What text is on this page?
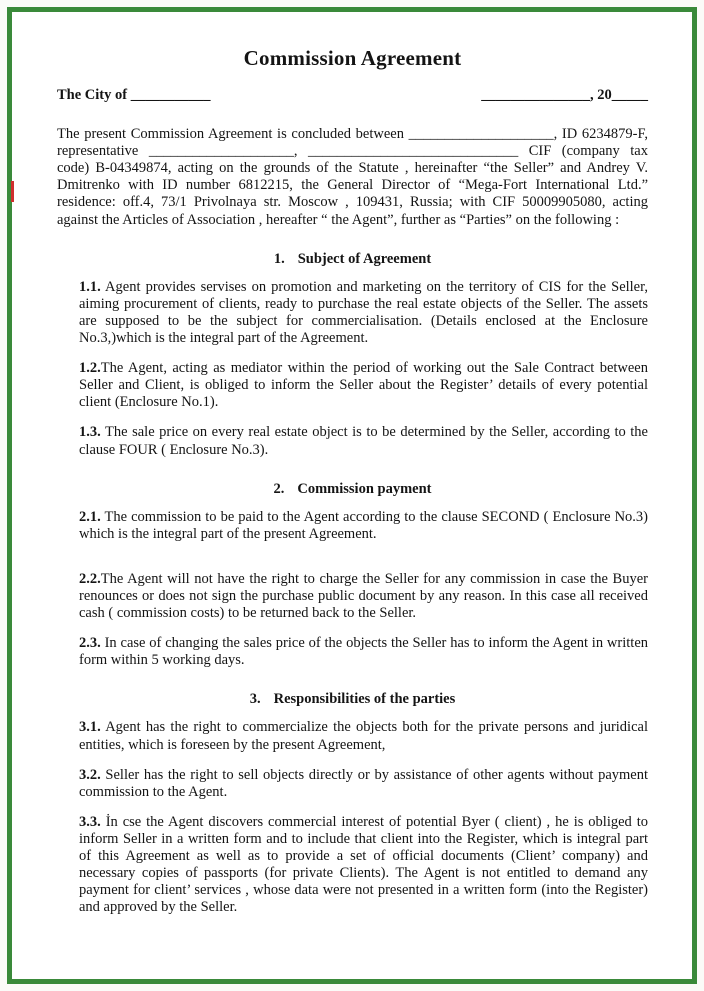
Commission Agreement
The City of ___________	_______________, 20_____

The present Commission Agreement is concluded between ____________________, ID 6234879-F, representative ____________________, _____________________________ CIF (company tax code) B-04349874, acting on the grounds of the Statute , hereinafter “the Seller” and Andrey V. Dmitrenko with ID number 6812215, the General Director of “Mega-Fort International Ltd.” residence: off.4, 73/1 Privolnaya str. Moscow , 109431, Russia; with CIF 50009905080, acting against the Articles of Association , hereafter “ the Agent”, further as “Parties” on the following :

1. Subject of Agreement

1.1. Agent provides servises on promotion and marketing on the territory of CIS for the Seller, aiming procurement of clients, ready to purchase the real estate objects of the Seller. The assets are supposed to be the subject for commercialisation. (Details enclosed at the Enclosure No.3,)which is the integral part of the Agreement.

1.2.The Agent, acting as mediator within the period of working out the Sale Contract between Seller and Client, is obliged to inform the Seller about the Register’ details of every potential client (Enclosure No.1).

1.3. The sale price on every real estate object is to be determined by the Seller, according to the clause FOUR ( Enclosure No.3).

2. Commission payment

2.1. The commission to be paid to the Agent according to the clause SECOND ( Enclosure No.3) which is the integral part of the present Agreement.

2.2.The Agent will not have the right to charge the Seller for any commission in case the Buyer renounces or does not sign the purchase public document by any reason. In this case all received cash ( commission costs) to be returned back to the Seller.

2.3. In case of changing the sales price of the objects the Seller has to inform the Agent in written form within 5 working days.

3. Responsibilities of the parties

3.1. Agent has the right to commercialize the objects both for the private persons and juridical entities, which is foreseen by the present Agreement,

3.2. Seller has the right to sell objects directly or by assistance of other agents without payment commission to the Agent.

3.3. İn cse the Agent discovers commercial interest of potential Byer ( client) , he is obliged to inform Seller in a written form and to include that client into the Register, which is integral part of this Agreement as well as to provide a set of official documents (Client’ company) and necessary copies of passports (for private Clients). The Agent is not entitled to demand any payment for client’ services , whose data were not presented in a written form (into the Register) and approved by the Seller.
